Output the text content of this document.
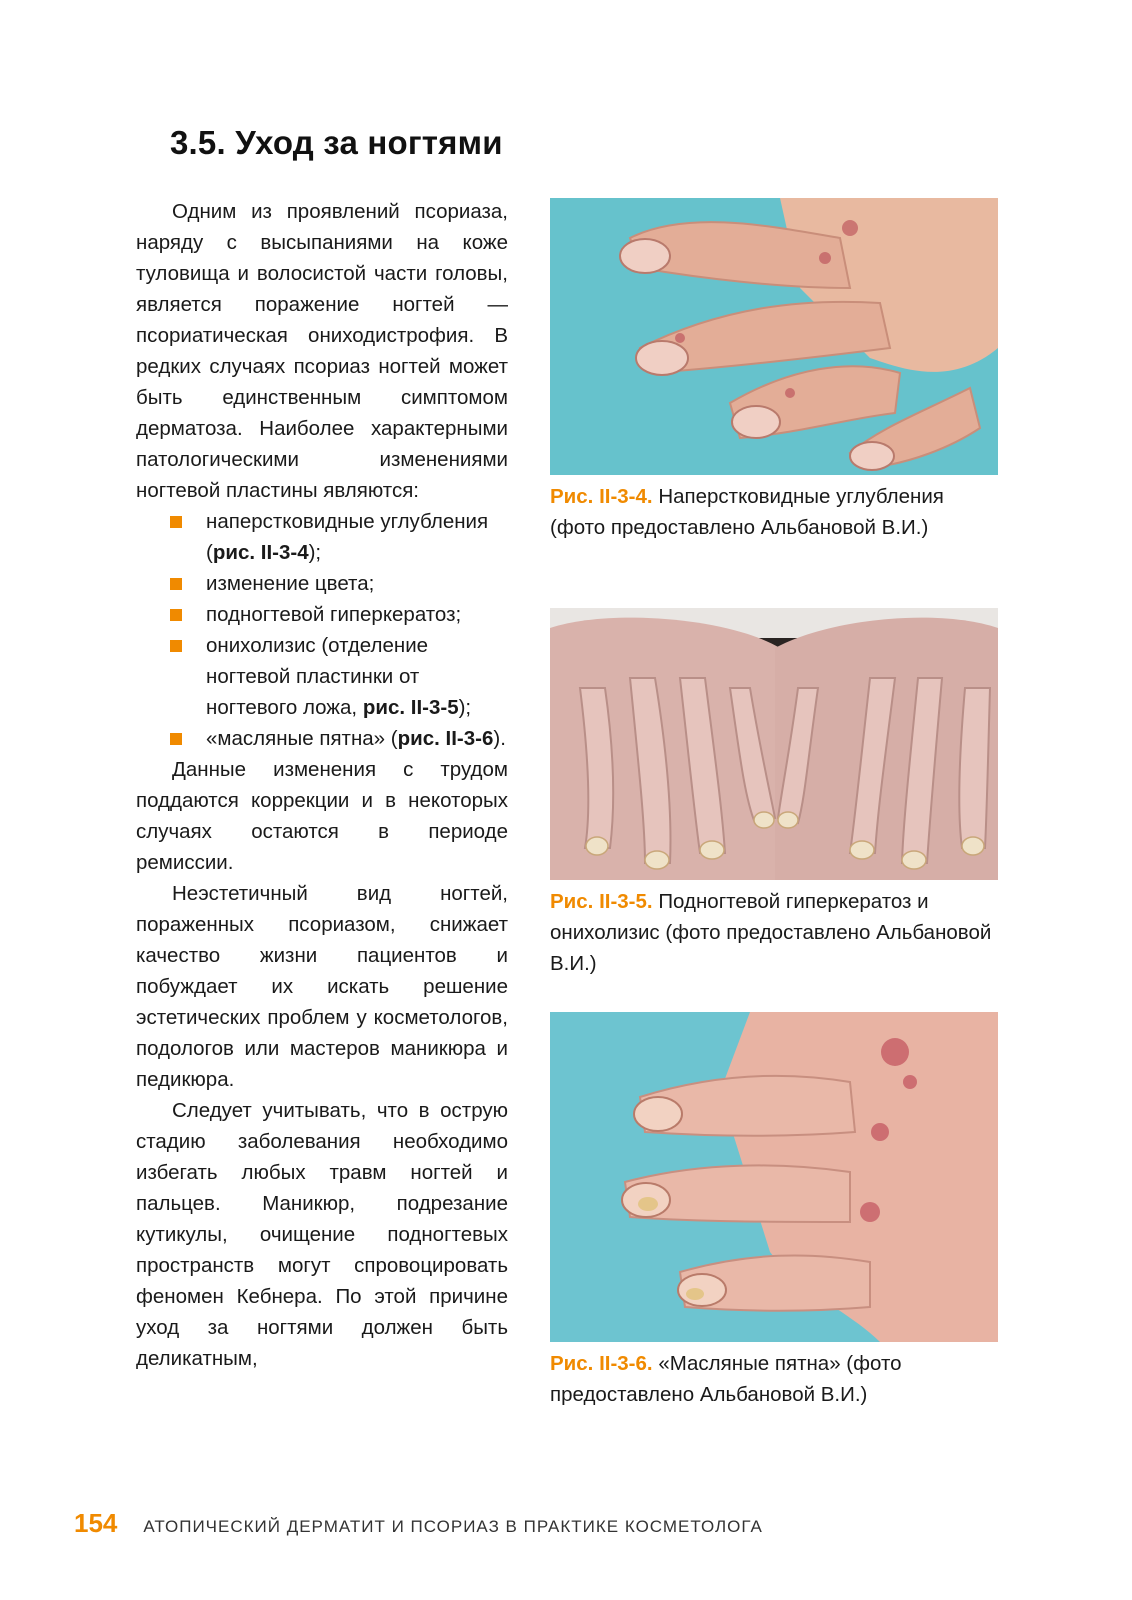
3.5. Уход за ногтями

Одним из проявлений псориаза, наряду с высыпаниями на коже туловища и волосистой части головы, является поражение ногтей — псориатическая ониходистрофия. В редких случаях псориаз ногтей может быть единственным симптомом дерматоза. Наиболее характерными патологическими изменениями ногтевой пластины являются:

наперстковидные углубления (рис. II-3-4);
изменение цвета;
подногтевой гиперкератоз;
онихолизис (отделение ногтевой пластинки от ногтевого ложа, рис. II-3-5);
«масляные пятна» (рис. II-3-6).

Данные изменения с трудом поддаются коррекции и в некоторых случаях остаются в периоде ремиссии.

Неэстетичный вид ногтей, пораженных псориазом, снижает качество жизни пациентов и побуждает их искать решение эстетических проблем у косметологов, подологов или мастеров маникюра и педикюра.

Следует учитывать, что в острую стадию заболевания необходимо избегать любых травм ногтей и пальцев. Маникюр, подрезание кутикулы, очищение подногтевых пространств могут спровоцировать феномен Кебнера. По этой причине уход за ногтями должен быть деликатным,

Рис. II-3-4. Наперстковидные углубления (фото предоставлено Альбановой В.И.)
Рис. II-3-5. Подногтевой гиперкератоз и онихолизис (фото предоставлено Альбановой В.И.)
Рис. II-3-6. «Масляные пятна» (фото предоставлено Альбановой В.И.)
154 АТОПИЧЕСКИЙ ДЕРМАТИТ И ПСОРИАЗ В ПРАКТИКЕ КОСМЕТОЛОГА
